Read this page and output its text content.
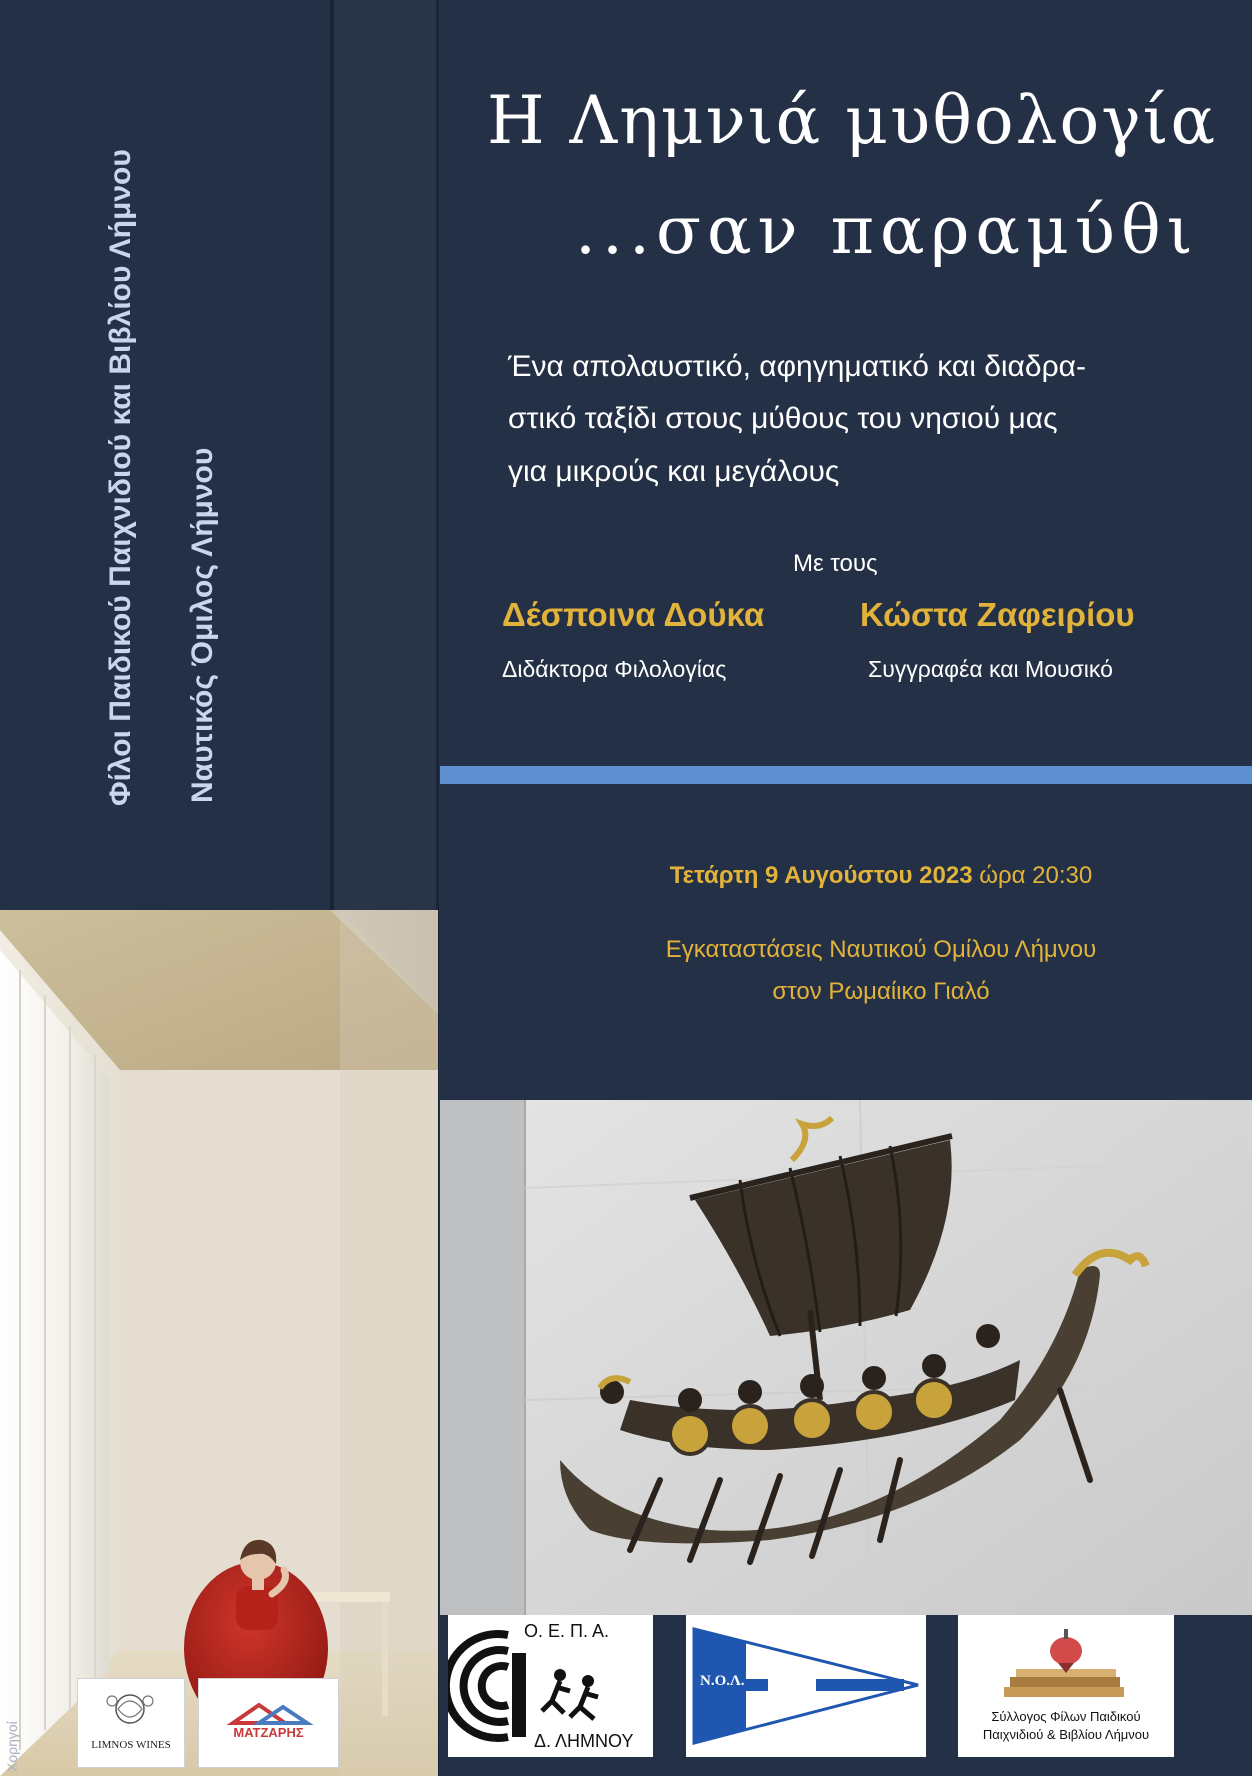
Φίλοι Παιδικού Παιχνιδιού και Βιβλίου Λήμνου Ναυτικός Όμιλος Λήμνου
Χορηγοί	LIMNOS WINES
ΜΑΤΖΑΡΗΣ
Η Λημνιά μυθολογία
...σαν παραμύθι
Ένα απολαυστικό, αφηγηματικό και διαδρα-
στικό ταξίδι στους μύθους του νησιού μας
για μικρούς και μεγάλους
Με τους
Δέσποινα Δούκα	Κώστα Ζαφειρίου
Διδάκτορα Φιλολογίας	Συγγραφέα και Μουσικό
Τετάρτη 9 Αυγούστου 2023 ώρα 20:30
Εγκαταστάσεις Ναυτικού Ομίλου Λήμνου
στον Ρωμαίικο Γιαλό
Ο. Ε. Π. Α.
Δ. ΛΗΜΝΟΥ
Ν.Ο.Λ.
Σύλλογος Φίλων Παιδικού
Παιχνιδιού & Βιβλίου Λήμνου
